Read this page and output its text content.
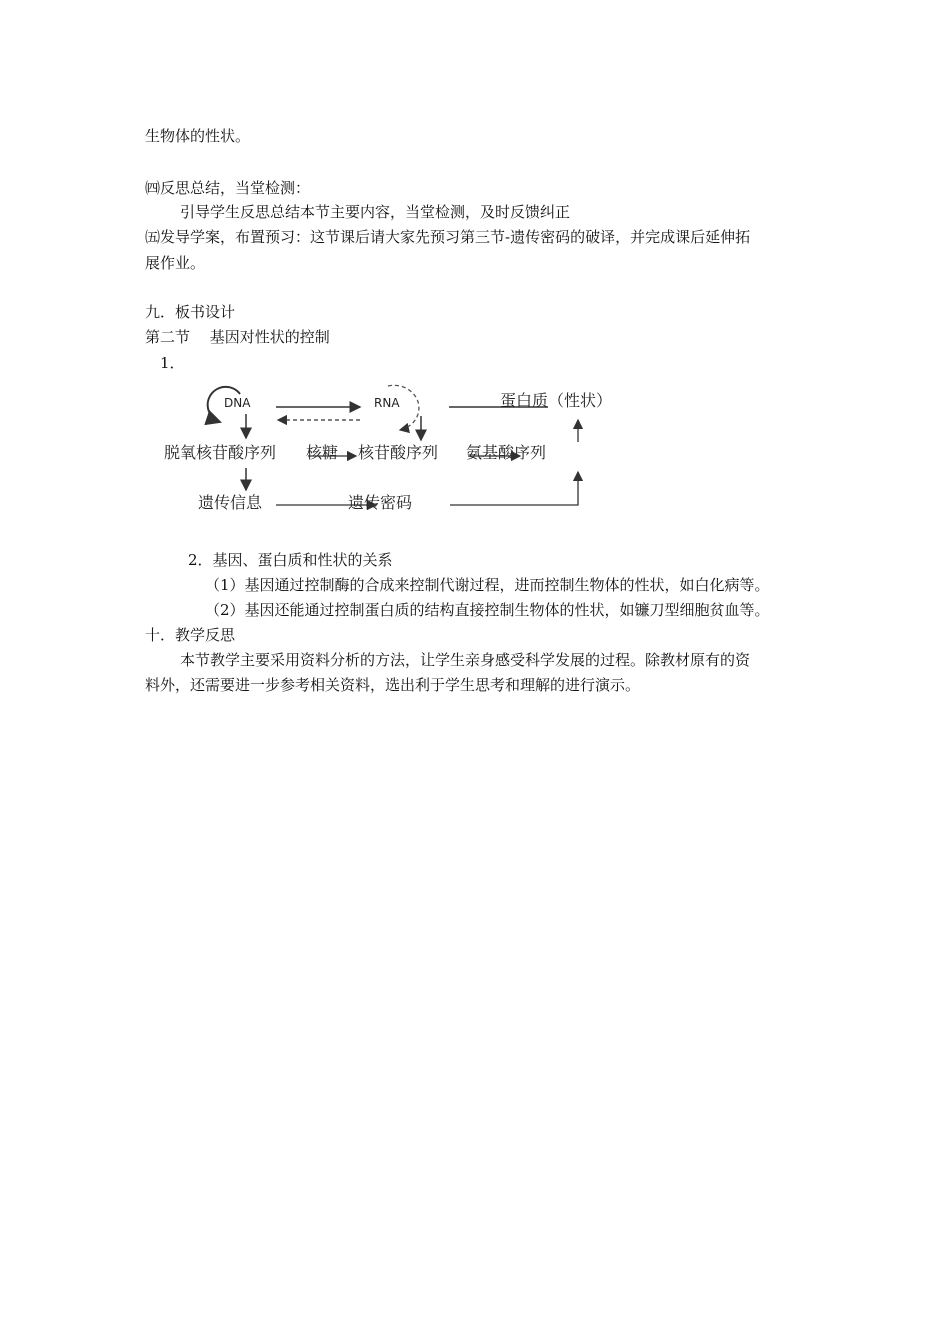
生物体的性状。
㈣反思总结，当堂检测：
引导学生反思总结本节主要内容，当堂检测，及时反馈纠正
㈤发导学案，布置预习：这节课后请大家先预习第三节-遗传密码的破译，并完成课后延伸拓
展作业。
九．板书设计
第二节　 基因对性状的控制
1．
DNA	RNA	蛋白质（性状）
脱氧核苷酸序列 核糖 核苷酸序列 氨基酸序列
遗传信息	遗传密码
2．基因、蛋白质和性状的关系
（1）基因通过控制酶的合成来控制代谢过程，进而控制生物体的性状，如白化病等。
（2）基因还能通过控制蛋白质的结构直接控制生物体的性状，如镰刀型细胞贫血等。
十．教学反思
本节教学主要采用资料分析的方法，让学生亲身感受科学发展的过程。除教材原有的资
料外，还需要进一步参考相关资料，选出利于学生思考和理解的进行演示。
